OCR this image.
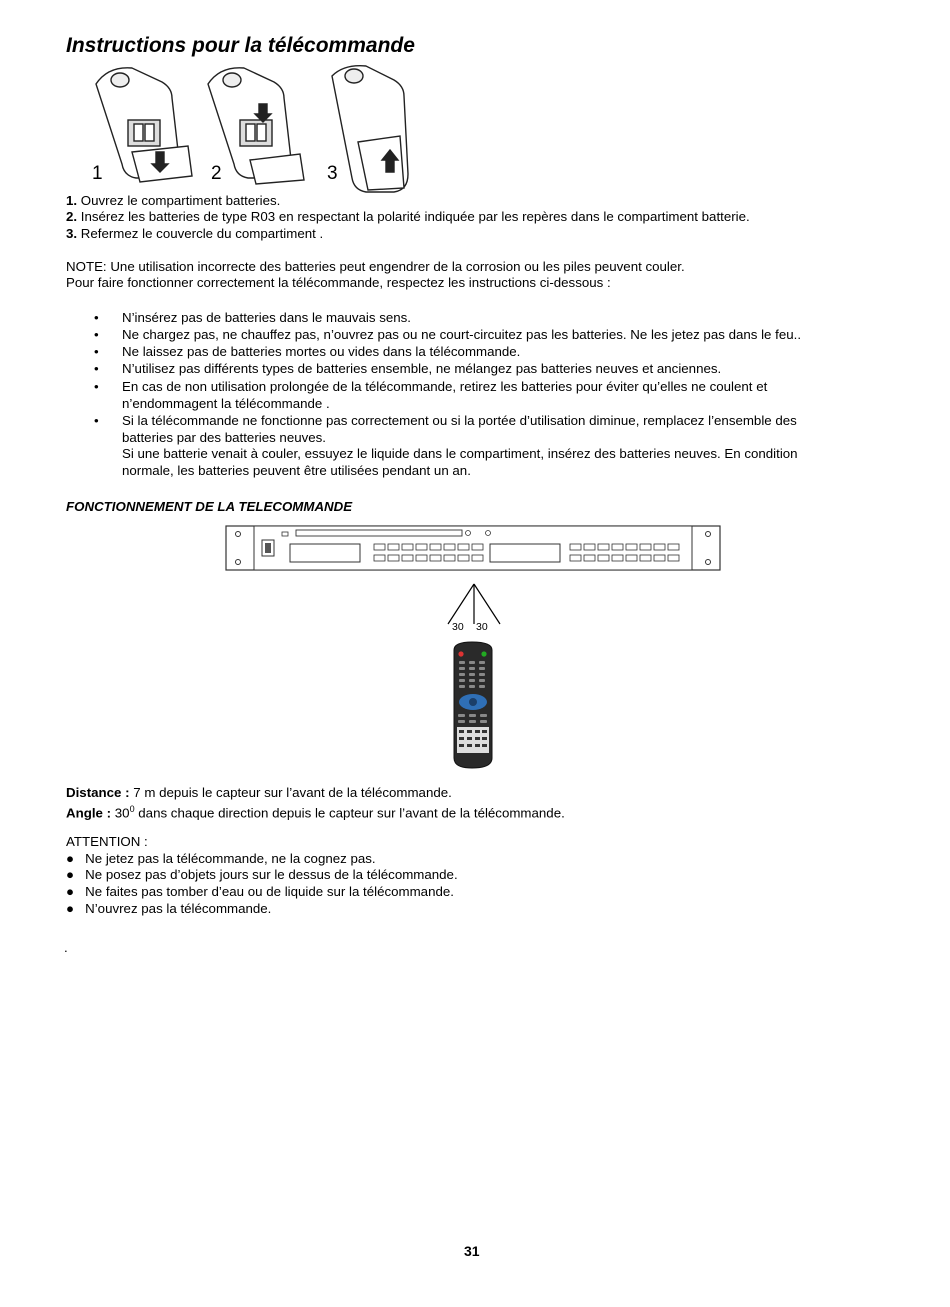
Instructions pour la télécommande
1	2	3
1. Ouvrez le compartiment batteries.
2. Insérez les batteries de type R03 en respectant la polarité indiquée par les repères dans le compartiment batterie.
3. Refermez le couvercle du compartiment .
NOTE: Une utilisation incorrecte des batteries peut engendrer de la corrosion ou les piles peuvent couler.
Pour faire fonctionner correctement la télécommande, respectez les instructions ci-dessous :
• N’insérez pas de batteries dans le mauvais sens.
• Ne chargez pas, ne chauffez pas, n’ouvrez pas ou ne court-circuitez pas les batteries. Ne les jetez pas dans le feu..
• Ne laissez pas de batteries mortes ou vides dans la télécommande.
• N’utilisez pas différents types de batteries ensemble, ne mélangez pas batteries neuves et anciennes.
• En cas de non utilisation prolongée de la télécommande, retirez les batteries pour éviter qu’elles ne coulent et
n’endommagent la télécommande .
• Si la télécommande ne fonctionne pas correctement ou si la portée d’utilisation diminue, remplacez l’ensemble des
batteries par des batteries neuves.
Si une batterie venait à couler, essuyez le liquide dans le compartiment, insérez des batteries neuves. En condition
normale, les batteries peuvent être utilisées pendant un an.
FONCTIONNEMENT DE LA TELECOMMANDE
30 30
Distance : 7 m depuis le capteur sur l’avant de la télécommande.
Angle : $30^0$ dans chaque direction depuis le capteur sur l’avant de la télécommande.
ATTENTION :
●   Ne jetez pas la télécommande, ne la cognez pas.
●   Ne posez pas d’objets jours sur le dessus de la télécommande.
●   Ne faites pas tomber d’eau ou de liquide sur la télécommande.
●   N’ouvrez pas la télécommande.
.
31
